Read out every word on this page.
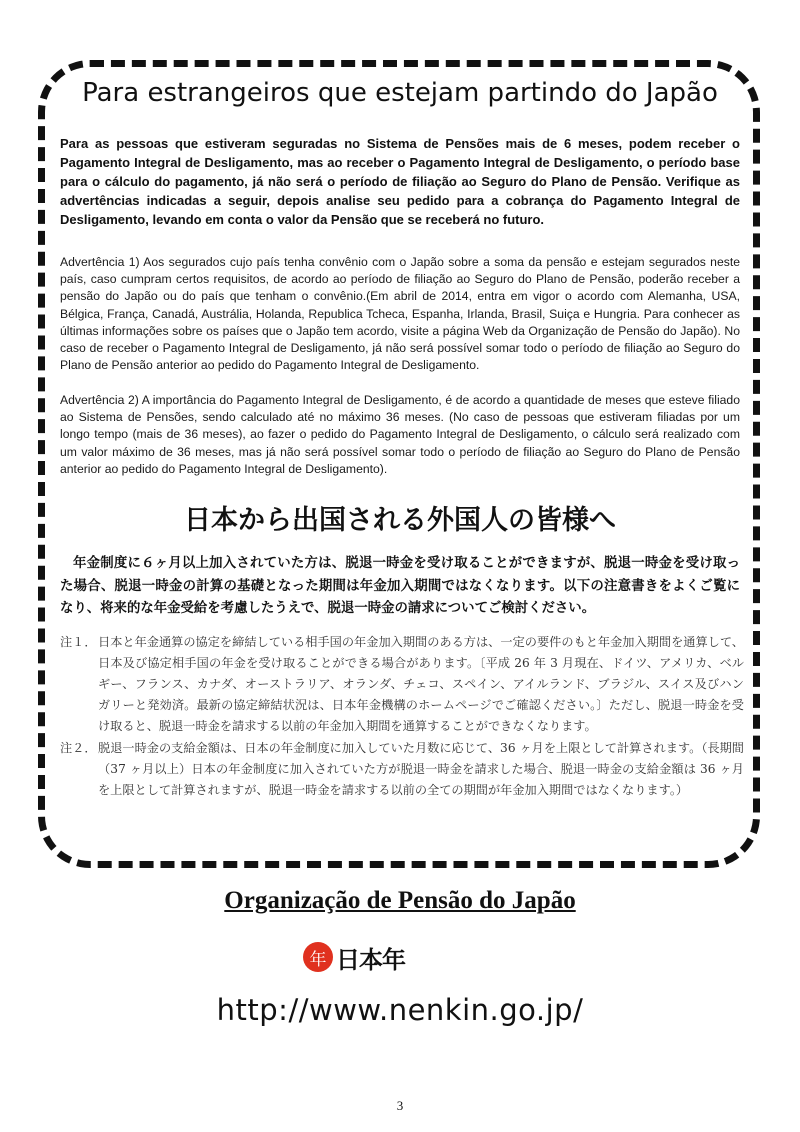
Para estrangeiros que estejam partindo do Japão

Para as pessoas que estiveram seguradas no Sistema de Pensões mais de 6 meses, podem receber o Pagamento Integral de Desligamento, mas ao receber o Pagamento Integral de Desligamento, o período base para o cálculo do pagamento, já não será o período de filiação ao Seguro do Plano de Pensão. Verifique as advertências indicadas a seguir, depois analise seu pedido para a cobrança do Pagamento Integral de Desligamento, levando em conta o valor da Pensão que se receberá no futuro.

Advertência 1) Aos segurados cujo país tenha convênio com o Japão sobre a soma da pensão e estejam segurados neste país, caso cumpram certos requisitos, de acordo ao período de filiação ao Seguro do Plano de Pensão, poderão receber a pensão do Japão ou do país que tenham o convênio.(Em abril de 2014, entra em vigor o acordo com Alemanha, USA, Bélgica, França, Canadá, Austrália, Holanda, Republica Tcheca, Espanha, Irlanda, Brasil, Suiça e Hungria. Para conhecer as últimas informações sobre os países que o Japão tem acordo, visite a página Web da Organização de Pensão do Japão). No caso de receber o Pagamento Integral de Desligamento, já não será possível somar todo o período de filiação ao Seguro do Plano de Pensão anterior ao pedido do Pagamento Integral de Desligamento.

Advertência 2) A importância do Pagamento Integral de Desligamento, é de acordo a quantidade de meses que esteve filiado ao Sistema de Pensões, sendo calculado até no máximo 36 meses. (No caso de pessoas que estiveram filiadas por um longo tempo (mais de 36 meses), ao fazer o pedido do Pagamento Integral de Desligamento, o cálculo será realizado com um valor máximo de 36 meses, mas já não será possível somar todo o período de filiação ao Seguro do Plano de Pensão anterior ao pedido do Pagamento Integral de Desligamento).

日本から出国される外国人の皆様へ

年金制度に６ヶ月以上加入されていた方は、脱退一時金を受け取ることができますが、脱退一時金を受け取った場合、脱退一時金の計算の基礎となった期間は年金加入期間ではなくなります。以下の注意書きをよくご覧になり、将来的な年金受給を考慮したうえで、脱退一時金の請求についてご検討ください。

注１． 日本と年金通算の協定を締結している相手国の年金加入期間のある方は、一定の要件のもと年金加入期間を通算して、日本及び協定相手国の年金を受け取ることができる場合があります。〔平成 26 年 3 月現在、ドイツ、アメリカ、ベルギー、フランス、カナダ、オーストラリア、オランダ、チェコ、スペイン、アイルランド、ブラジル、スイス及びハンガリーと発効済。最新の協定締結状況は、日本年金機構のホームページでご確認ください。〕ただし、脱退一時金を受け取ると、脱退一時金を請求する以前の年金加入期間を通算することができなくなります。
注２． 脱退一時金の支給金額は、日本の年金制度に加入していた月数に応じて、36 ヶ月を上限として計算されます。（長期間（37 ヶ月以上）日本の年金制度に加入されていた方が脱退一時金を請求した場合、脱退一時金の支給金額は 36 ヶ月を上限として計算されますが、脱退一時金を請求する以前の全ての期間が年金加入期間ではなくなります。）

Organização de Pensão do Japão

年 日本年

http://www.nenkin.go.jp/

3
